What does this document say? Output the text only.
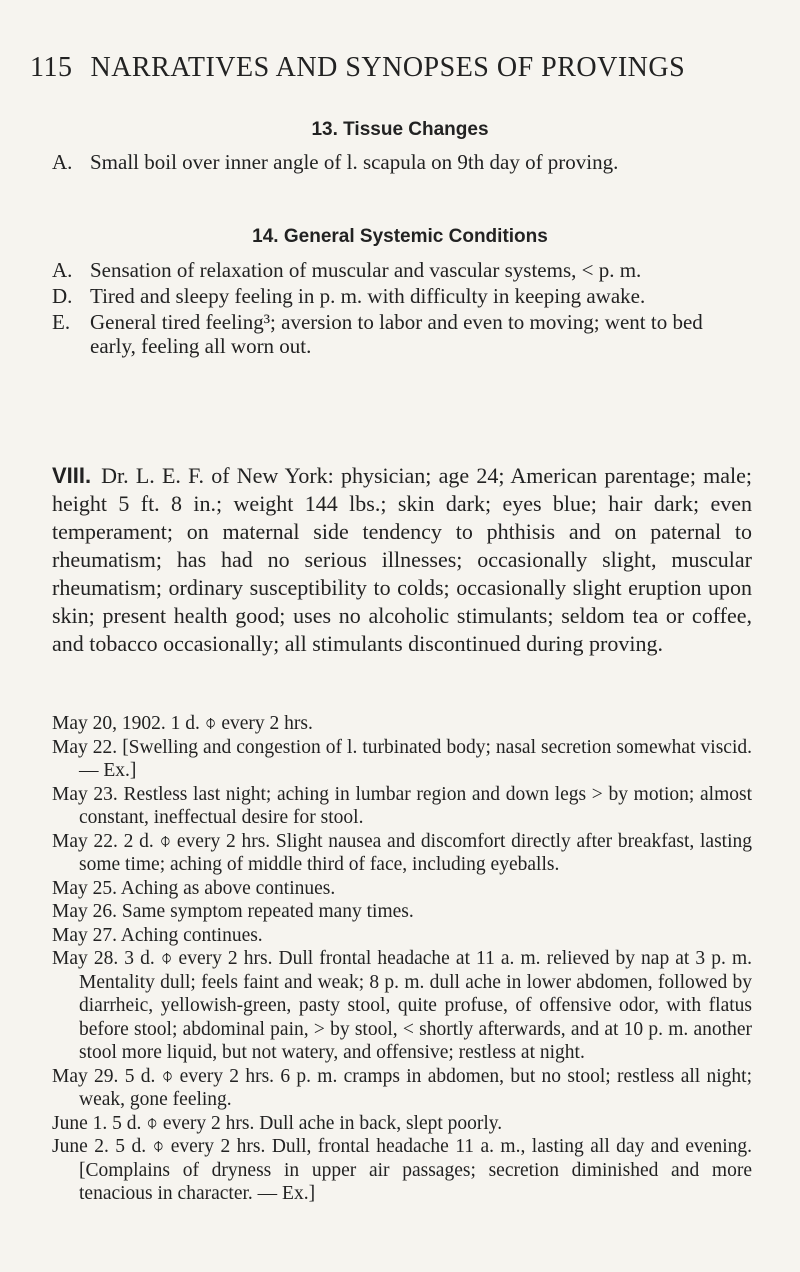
115 NARRATIVES AND SYNOPSES OF PROVINGS
13. Tissue Changes
A. Small boil over inner angle of l. scapula on 9th day of proving.
14. General Systemic Conditions
A. Sensation of relaxation of muscular and vascular systems, < p. m.
D. Tired and sleepy feeling in p. m. with difficulty in keeping awake.
E. General tired feeling³; aversion to labor and even to moving; went to bed early, feeling all worn out.
VIII. Dr. L. E. F. of New York: physician; age 24; American parentage; male; height 5 ft. 8 in.; weight 144 lbs.; skin dark; eyes blue; hair dark; even temperament; on maternal side tendency to phthisis and on paternal to rheumatism; has had no serious illnesses; occasionally slight, muscular rheumatism; ordinary susceptibility to colds; occasionally slight eruption upon skin; present health good; uses no alcoholic stimulants; seldom tea or coffee, and tobacco occasionally; all stimulants discontinued during proving.
May 20, 1902. 1 d. ⌽ every 2 hrs.
May 22. [Swelling and congestion of l. turbinated body; nasal secretion somewhat viscid. — Ex.]
May 23. Restless last night; aching in lumbar region and down legs > by motion; almost constant, ineffectual desire for stool.
May 22. 2 d. ⌽ every 2 hrs. Slight nausea and discomfort directly after breakfast, lasting some time; aching of middle third of face, including eyeballs.
May 25. Aching as above continues.
May 26. Same symptom repeated many times.
May 27. Aching continues.
May 28. 3 d. ⌽ every 2 hrs. Dull frontal headache at 11 a. m. relieved by nap at 3 p. m. Mentality dull; feels faint and weak; 8 p. m. dull ache in lower abdomen, followed by diarrheic, yellowish-green, pasty stool, quite profuse, of offensive odor, with flatus before stool; abdominal pain, > by stool, < shortly afterwards, and at 10 p. m. another stool more liquid, but not watery, and offensive; restless at night.
May 29. 5 d. ⌽ every 2 hrs. 6 p. m. cramps in abdomen, but no stool; restless all night; weak, gone feeling.
June 1. 5 d. ⌽ every 2 hrs. Dull ache in back, slept poorly.
June 2. 5 d. ⌽ every 2 hrs. Dull, frontal headache 11 a. m., lasting all day and evening. [Complains of dryness in upper air passages; secretion diminished and more tenacious in character. — Ex.]
